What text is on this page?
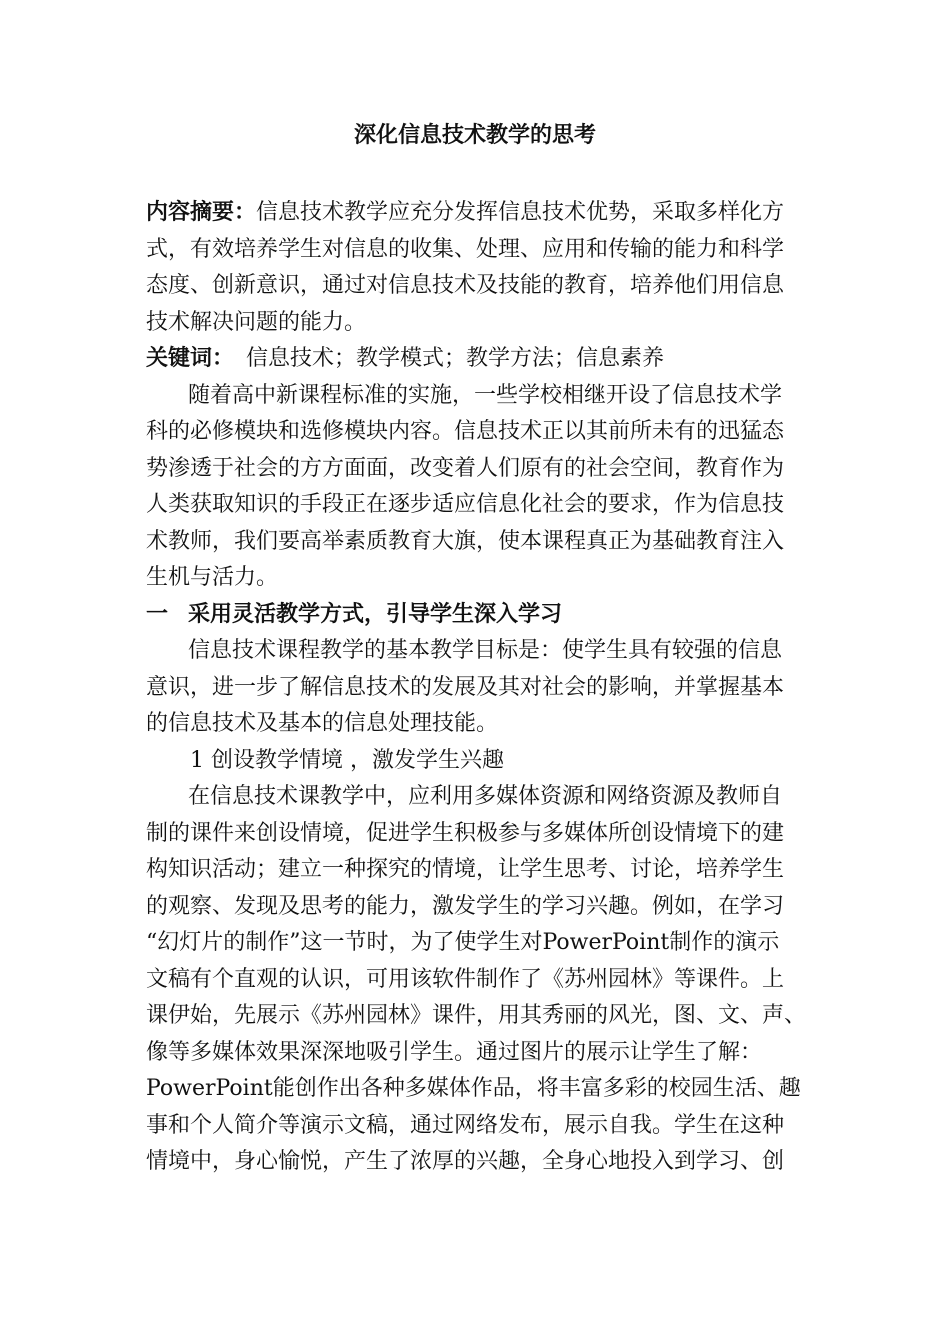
深化信息技术教学的思考
内容摘要：信息技术教学应充分发挥信息技术优势，采取多样化方
式，有效培养学生对信息的收集、处理、应用和传输的能力和科学
态度、创新意识，通过对信息技术及技能的教育，培养他们用信息
技术解决问题的能力。
关键词： 信息技术；教学模式；教学方法；信息素养
随着高中新课程标准的实施，一些学校相继开设了信息技术学
科的必修模块和选修模块内容。信息技术正以其前所未有的迅猛态
势渗透于社会的方方面面，改变着人们原有的社会空间，教育作为
人类获取知识的手段正在逐步适应信息化社会的要求，作为信息技
术教师，我们要高举素质教育大旗，使本课程真正为基础教育注入
生机与活力。
一 采用灵活教学方式，引导学生深入学习
信息技术课程教学的基本教学目标是：使学生具有较强的信息
意识，进一步了解信息技术的发展及其对社会的影响，并掌握基本
的信息技术及基本的信息处理技能。
1 创设教学情境 ，激发学生兴趣
在信息技术课教学中，应利用多媒体资源和网络资源及教师自
制的课件来创设情境，促进学生积极参与多媒体所创设情境下的建
构知识活动；建立一种探究的情境，让学生思考、讨论，培养学生
的观察、发现及思考的能力，激发学生的学习兴趣。例如，在学习
“幻灯片的制作”这一节时，为了使学生对PowerPoint制作的演示
文稿有个直观的认识，可用该软件制作了《苏州园林》等课件。上
课伊始，先展示《苏州园林》课件，用其秀丽的风光，图、文、声、
像等多媒体效果深深地吸引学生。通过图片的展示让学生了解：
PowerPoint能创作出各种多媒体作品，将丰富多彩的校园生活、趣
事和个人简介等演示文稿，通过网络发布，展示自我。学生在这种
情境中，身心愉悦，产生了浓厚的兴趣，全身心地投入到学习、创
